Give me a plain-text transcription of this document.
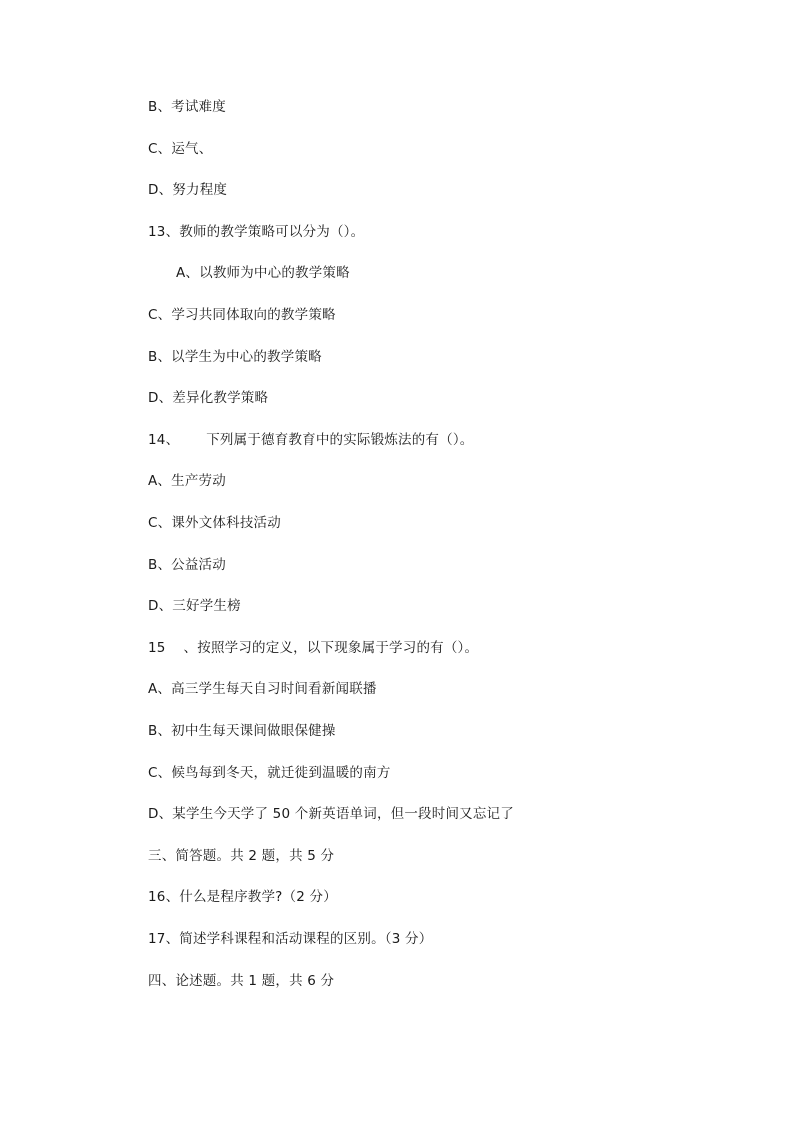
B、考试难度
C、运气、
D、努力程度
13、教师的教学策略可以分为（）。
A、以教师为中心的教学策略
C、学习共同体取向的教学策略
B、以学生为中心的教学策略
D、差异化教学策略
14、      下列属于德育教育中的实际锻炼法的有（）。
A、生产劳动
C、课外文体科技活动
B、公益活动
D、三好学生榜
15    、按照学习的定义，以下现象属于学习的有（）。
A、高三学生每天自习时间看新闻联播
B、初中生每天课间做眼保健操
C、候鸟每到冬天，就迁徙到温暖的南方
D、某学生今天学了 50 个新英语单词，但一段时间又忘记了
三、简答题。共 2 题，共 5 分
16、什么是程序教学?（2 分）
17、简述学科课程和活动课程的区别。（3 分）
四、论述题。共 1 题，共 6 分
